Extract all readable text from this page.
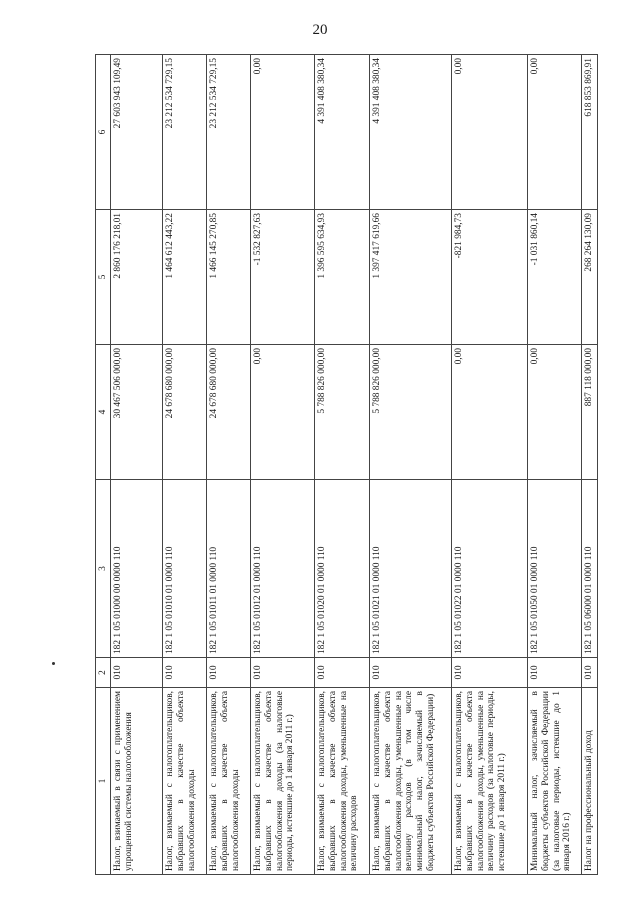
20
1	2	3	4	5	6
Налог, взимаемый в связи с применением упрощенной системы налогообложения	010	182 1 05 01000 00 0000 110	30 467 506 000,00	2 860 176 218,01	27 603 943 109,49
Налог, взимаемый с налогоплательщиков, выбравших в качестве объекта налогообложения доходы	010	182 1 05 01010 01 0000 110	24 678 680 000,00	1 464 612 443,22	23 212 534 729,15
Налог, взимаемый с налогоплательщиков, выбравших в качестве объекта налогообложения доходы	010	182 1 05 01011 01 0000 110	24 678 680 000,00	1 466 145 270,85	23 212 534 729,15
Налог, взимаемый с налогоплательщиков, выбравших в качестве объекта налогообложения доходы (за налоговые периоды, истекшие до 1 января 2011 г.)	010	182 1 05 01012 01 0000 110	0,00	-1 532 827,63	0,00
Налог, взимаемый с налогоплательщиков, выбравших в качестве объекта налогообложения доходы, уменьшенные на величину расходов	010	182 1 05 01020 01 0000 110	5 788 826 000,00	1 396 595 634,93	4 391 408 380,34
Налог, взимаемый с налогоплательщиков, выбравших в качестве объекта налогообложения доходы, уменьшенные на величину расходов (в том числе минимальный налог, зачисляемый в бюджеты субъектов Российской Федерации)	010	182 1 05 01021 01 0000 110	5 788 826 000,00	1 397 417 619,66	4 391 408 380,34
Налог, взимаемый с налогоплательщиков, выбравших в качестве объекта налогообложения доходы, уменьшенные на величину расходов (за налоговые периоды, истекшие до 1 января 2011 г.)	010	182 1 05 01022 01 0000 110	0,00	-821 984,73	0,00
Минимальный налог, зачисляемый в бюджеты субъектов Российской Федерации (за налоговые периоды, истекшие до 1 января 2016 г.)	010	182 1 05 01050 01 0000 110	0,00	-1 031 860,14	0,00
Налог на профессиональный доход	010	182 1 05 06000 01 0000 110	887 118 000,00	268 264 130,09	618 853 869,91
